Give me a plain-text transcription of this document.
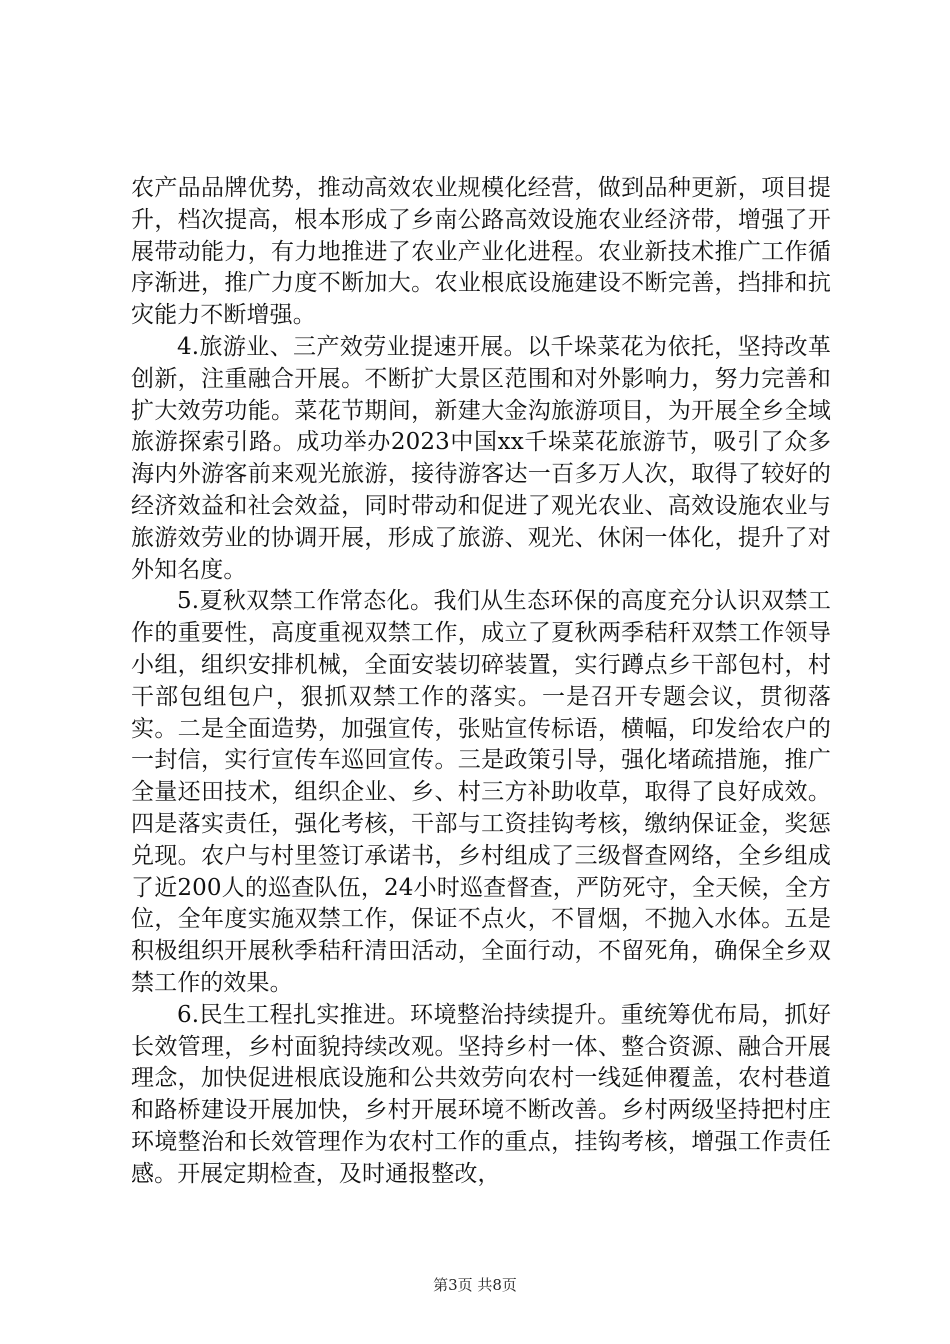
农产品品牌优势，推动高效农业规模化经营，做到品种更新，项目提升，档次提高，根本形成了乡南公路高效设施农业经济带，增强了开展带动能力，有力地推进了农业产业化进程。农业新技术推广工作循序渐进，推广力度不断加大。农业根底设施建设不断完善，挡排和抗灾能力不断增强。

4.旅游业、三产效劳业提速开展。以千垛菜花为依托，坚持改革创新，注重融合开展。不断扩大景区范围和对外影响力，努力完善和扩大效劳功能。菜花节期间，新建大金沟旅游项目，为开展全乡全域旅游探索引路。成功举办2023中国xx千垛菜花旅游节，吸引了众多海内外游客前来观光旅游，接待游客达一百多万人次，取得了较好的经济效益和社会效益，同时带动和促进了观光农业、高效设施农业与旅游效劳业的协调开展，形成了旅游、观光、休闲一体化，提升了对外知名度。

5.夏秋双禁工作常态化。我们从生态环保的高度充分认识双禁工作的重要性，高度重视双禁工作，成立了夏秋两季秸秆双禁工作领导小组，组织安排机械，全面安装切碎装置，实行蹲点乡干部包村，村干部包组包户，狠抓双禁工作的落实。一是召开专题会议，贯彻落实。二是全面造势，加强宣传，张贴宣传标语，横幅，印发给农户的一封信，实行宣传车巡回宣传。三是政策引导，强化堵疏措施，推广全量还田技术，组织企业、乡、村三方补助收草，取得了良好成效。四是落实责任，强化考核，干部与工资挂钩考核，缴纳保证金，奖惩兑现。农户与村里签订承诺书，乡村组成了三级督查网络，全乡组成了近200人的巡查队伍，24小时巡查督查，严防死守，全天候，全方位，全年度实施双禁工作，保证不点火，不冒烟，不抛入水体。五是积极组织开展秋季秸秆清田活动，全面行动，不留死角，确保全乡双禁工作的效果。

6.民生工程扎实推进。环境整治持续提升。重统筹优布局，抓好长效管理，乡村面貌持续改观。坚持乡村一体、整合资源、融合开展理念，加快促进根底设施和公共效劳向农村一线延伸覆盖，农村巷道和路桥建设开展加快，乡村开展环境不断改善。乡村两级坚持把村庄环境整治和长效管理作为农村工作的重点，挂钩考核，增强工作责任感。开展定期检查，及时通报整改，

第3页 共8页
